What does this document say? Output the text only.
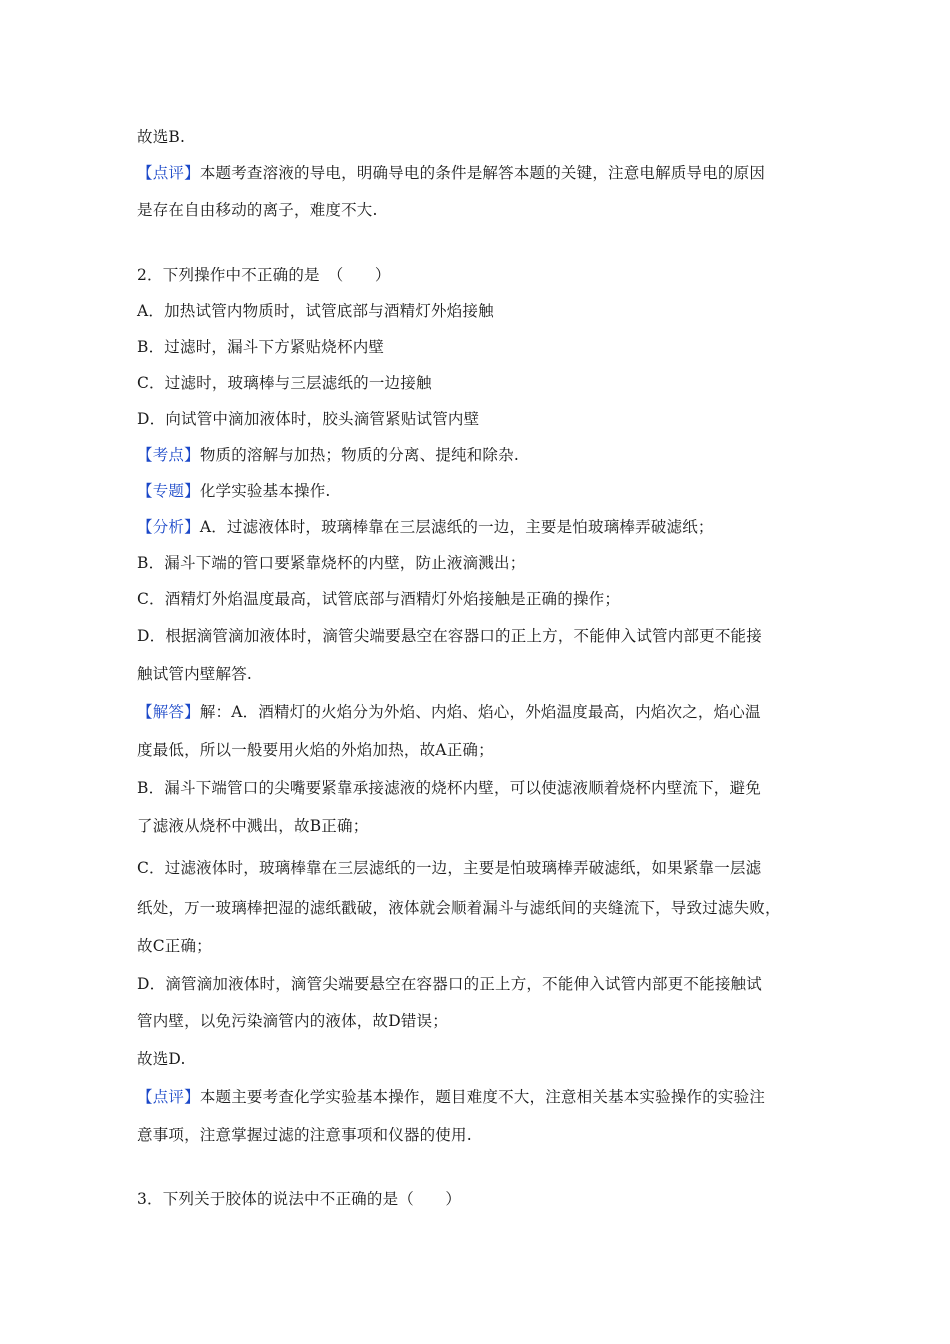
故选B.
【点评】本题考查溶液的导电，明确导电的条件是解答本题的关键，注意电解质导电的原因
是存在自由移动的离子，难度不大.
2．下列操作中不正确的是　（　　）
A．加热试管内物质时，试管底部与酒精灯外焰接触
B．过滤时，漏斗下方紧贴烧杯内壁
C．过滤时，玻璃棒与三层滤纸的一边接触
D．向试管中滴加液体时，胶头滴管紧贴试管内壁
【考点】物质的溶解与加热；物质的分离、提纯和除杂.
【专题】化学实验基本操作.
【分析】A．过滤液体时，玻璃棒靠在三层滤纸的一边，主要是怕玻璃棒弄破滤纸；
B．漏斗下端的管口要紧靠烧杯的内壁，防止液滴溅出；
C．酒精灯外焰温度最高，试管底部与酒精灯外焰接触是正确的操作；
D．根据滴管滴加液体时，滴管尖端要悬空在容器口的正上方，不能伸入试管内部更不能接
触试管内壁解答.
【解答】解：A．酒精灯的火焰分为外焰、内焰、焰心，外焰温度最高，内焰次之，焰心温
度最低，所以一般要用火焰的外焰加热，故A正确；
B．漏斗下端管口的尖嘴要紧靠承接滤液的烧杯内壁，可以使滤液顺着烧杯内壁流下，避免
了滤液从烧杯中溅出，故B正确；
C．过滤液体时，玻璃棒靠在三层滤纸的一边，主要是怕玻璃棒弄破滤纸，如果紧靠一层滤
纸处，万一玻璃棒把湿的滤纸戳破，液体就会顺着漏斗与滤纸间的夹缝流下，导致过滤失败，
故C正确；
D．滴管滴加液体时，滴管尖端要悬空在容器口的正上方，不能伸入试管内部更不能接触试
管内壁，以免污染滴管内的液体，故D错误；
故选D.
【点评】本题主要考查化学实验基本操作，题目难度不大，注意相关基本实验操作的实验注
意事项，注意掌握过滤的注意事项和仪器的使用.
3．下列关于胶体的说法中不正确的是（　　）
